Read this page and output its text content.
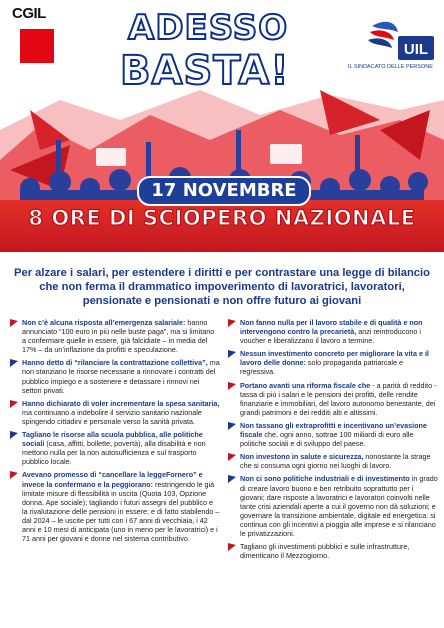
CGIL
UIL
IL SINDACATO DELLE PERSONE
ADESSO
BASTA!
17 NOVEMBRE
8 ORE DI SCIOPERO NAZIONALE
Per alzare i salari, per estendere i diritti e per contrastare una legge di bilancio che non ferma il drammatico impoverimento di lavoratrici, lavoratori, pensionate e pensionati e non offre futuro ai giovani
Non c’è alcuna risposta all’emergenza salariale: hanno annunciato “100 euro in più nelle buste paga”, ma si limitano a confermare quelle in essere, già falcidiate – in media del 17% – da un’inflazione da profitti e speculazione.
Hanno detto di “rilanciare la contrattazione collettiva”, ma non stanziano le risorse necessarie a rinnovare i contratti del pubblico impiego e a sostenere e detassare i rinnovi nei settori privati.
Hanno dichiarato di voler incrementare la spesa sanitaria, ma continuano a indebolire il servizio sanitario nazionale spingendo cittadini e personale verso la sanità privata.
Tagliano le risorse alla scuola pubblica, alle politiche sociali (casa, affitti, bollette, povertà), alla disabilità e non mettono nulla per la non autosufficienza e sul trasporto pubblico locale.
Avevano promesso di “cancellare la leggeFornero” e invece la confermano e la peggiorano: restringendo le già limitate misure di flessibilità in uscita (Quota 103, Opzione donna, Ape sociale); tagliando i futuri assegni del pubblico e la rivalutazione delle pensioni in essere; e di fatto stabilendo – dal 2024 – le uscite per tutti con i 67 anni di vecchiaia, i 42 anni e 10 mesi di anticipata (uno in meno per le lavoratrici) e i 71 anni per giovani e donne nel sistema contributivo.
Non fanno nulla per il lavoro stabile e di qualità e non intervengono contro la precarietà, anzi reintroducono i voucher e liberalizzano il lavoro a termine.
Nessun investimento concreto per migliorare la vita e il lavoro delle donne: solo propaganda patriarcale e regressiva.
Portano avanti una riforma fiscale che - a parità di reddito - tassa di più i salari e le pensioni dei profitti, delle rendite finanziarie e immobiliari, del lavoro autonomo benestante, dei grandi patrimoni e dei redditi alti e altissimi.
Non tassano gli extraprofitti e incentivano un’evasione fiscale che, ogni anno, sottrae 100 miliardi di euro alle politiche sociali e di sviluppo del paese.
Non investono in salute e sicurezza, nonostante la strage che si consuma ogni giorno nei luoghi di lavoro.
Non ci sono politiche industriali e di investimento in grado di creare lavoro buono e ben retribuito soprattutto per i giovani; dare risposte a lavoratrici e lavoratori coinvolti nelle tante crisi aziendali aperte a cui il governo non dà soluzioni; e governare la transizione ambientale, digitale ed energetica: si continua con gli incentivi a pioggia alle imprese e si rilanciano le privatizzazioni.
Tagliano gli investimenti pubblici e sulle infrastrutture, dimenticano il Mezzogiorno.
